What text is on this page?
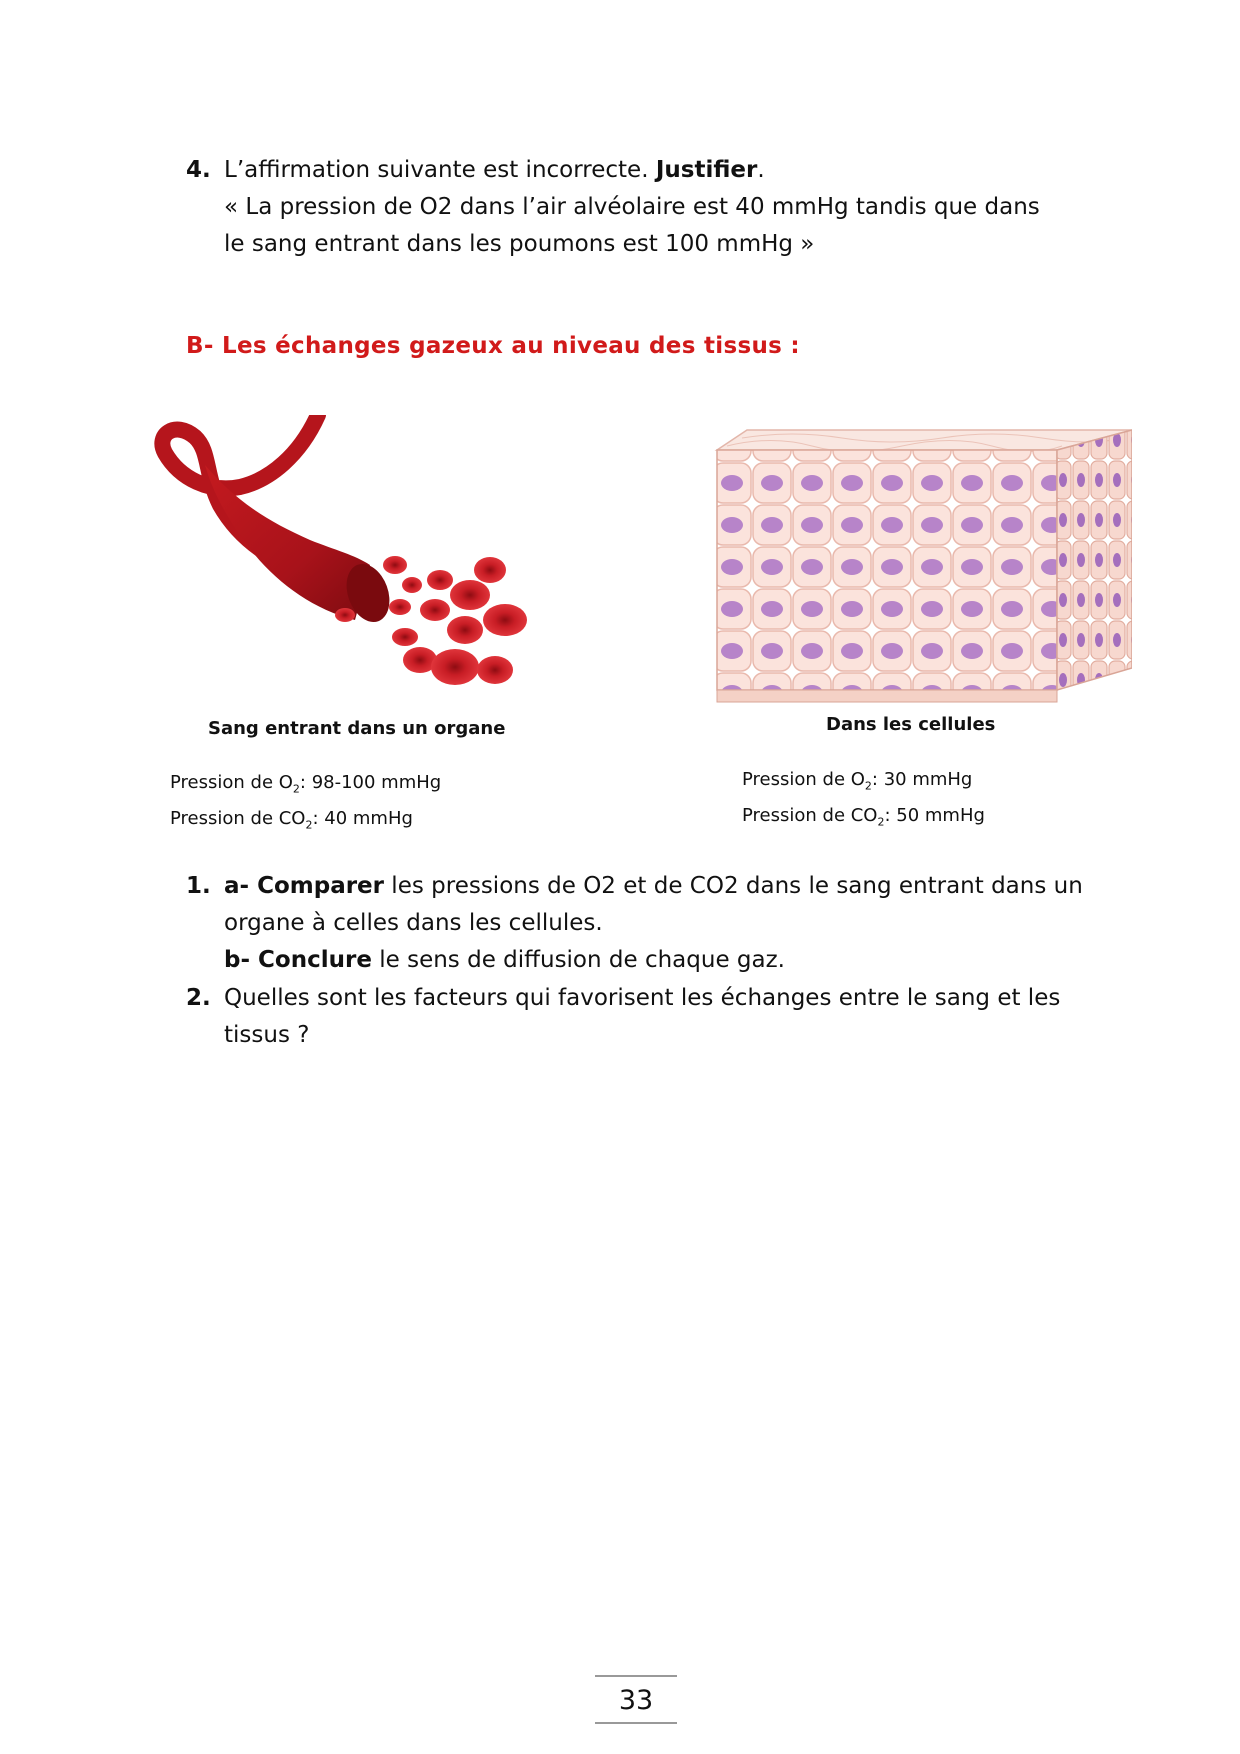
4. L’affirmation suivante est incorrecte. Justifier.
« La pression de O2 dans l’air alvéolaire est 40 mmHg tandis que dans le sang entrant dans les poumons est 100 mmHg »
B- Les échanges gazeux au niveau des tissus :
Sang entrant dans un organe
Pression de $O_2$: 98-100 mmHg
Pression de $CO_2$: 40 mmHg
Dans les cellules
Pression de $O_2$: 30 mmHg
Pression de $CO_2$: 50 mmHg
1. a- Comparer les pressions de O2 et de CO2 dans le sang entrant dans un organe à celles dans les cellules.
b- Conclure le sens de diffusion de chaque gaz.
2. Quelles sont les facteurs qui favorisent les échanges entre le sang et les tissus ?
33
